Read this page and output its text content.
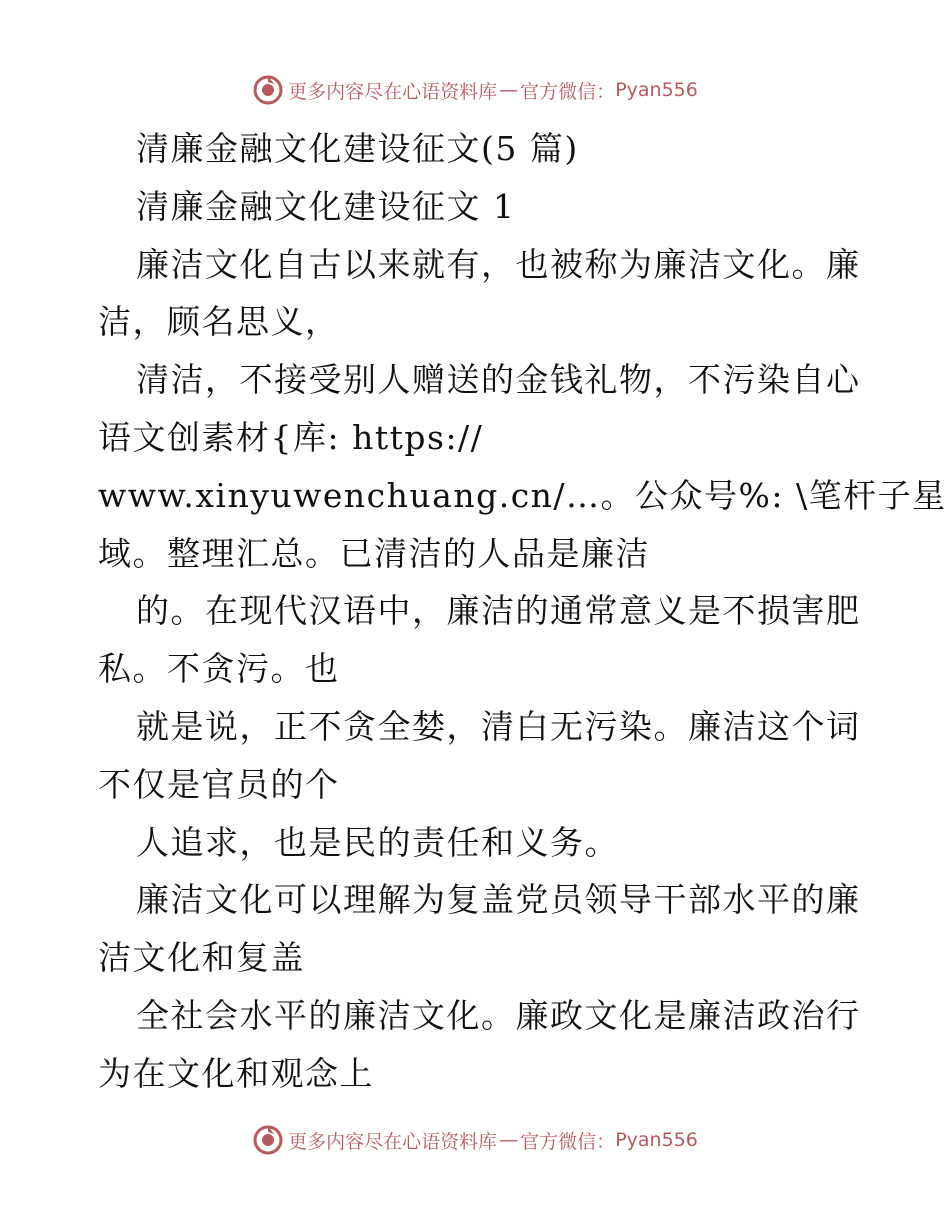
更多内容尽在心语资料库 — 官方微信： Pyan556
清廉金融文化建设征文(5 篇)
清廉金融文化建设征文 1
廉洁文化自古以来就有，也被称为廉洁文化。廉
洁，顾名思义，
清洁，不接受别人赠送的金钱礼物，不污染自心
语文创素材{库: https://
www.xinyuwenchuang.cn/…。公众号%: \笔杆子星
域。整理汇总。已清洁的人品是廉洁
的。在现代汉语中，廉洁的通常意义是不损害肥
私。不贪污。也
就是说，正不贪全婪，清白无污染。廉洁这个词
不仅是官员的个
人追求，也是民的责任和义务。
廉洁文化可以理解为复盖党员领导干部水平的廉
洁文化和复盖
全社会水平的廉洁文化。廉政文化是廉洁政治行
为在文化和观念上
更多内容尽在心语资料库 — 官方微信： Pyan556
